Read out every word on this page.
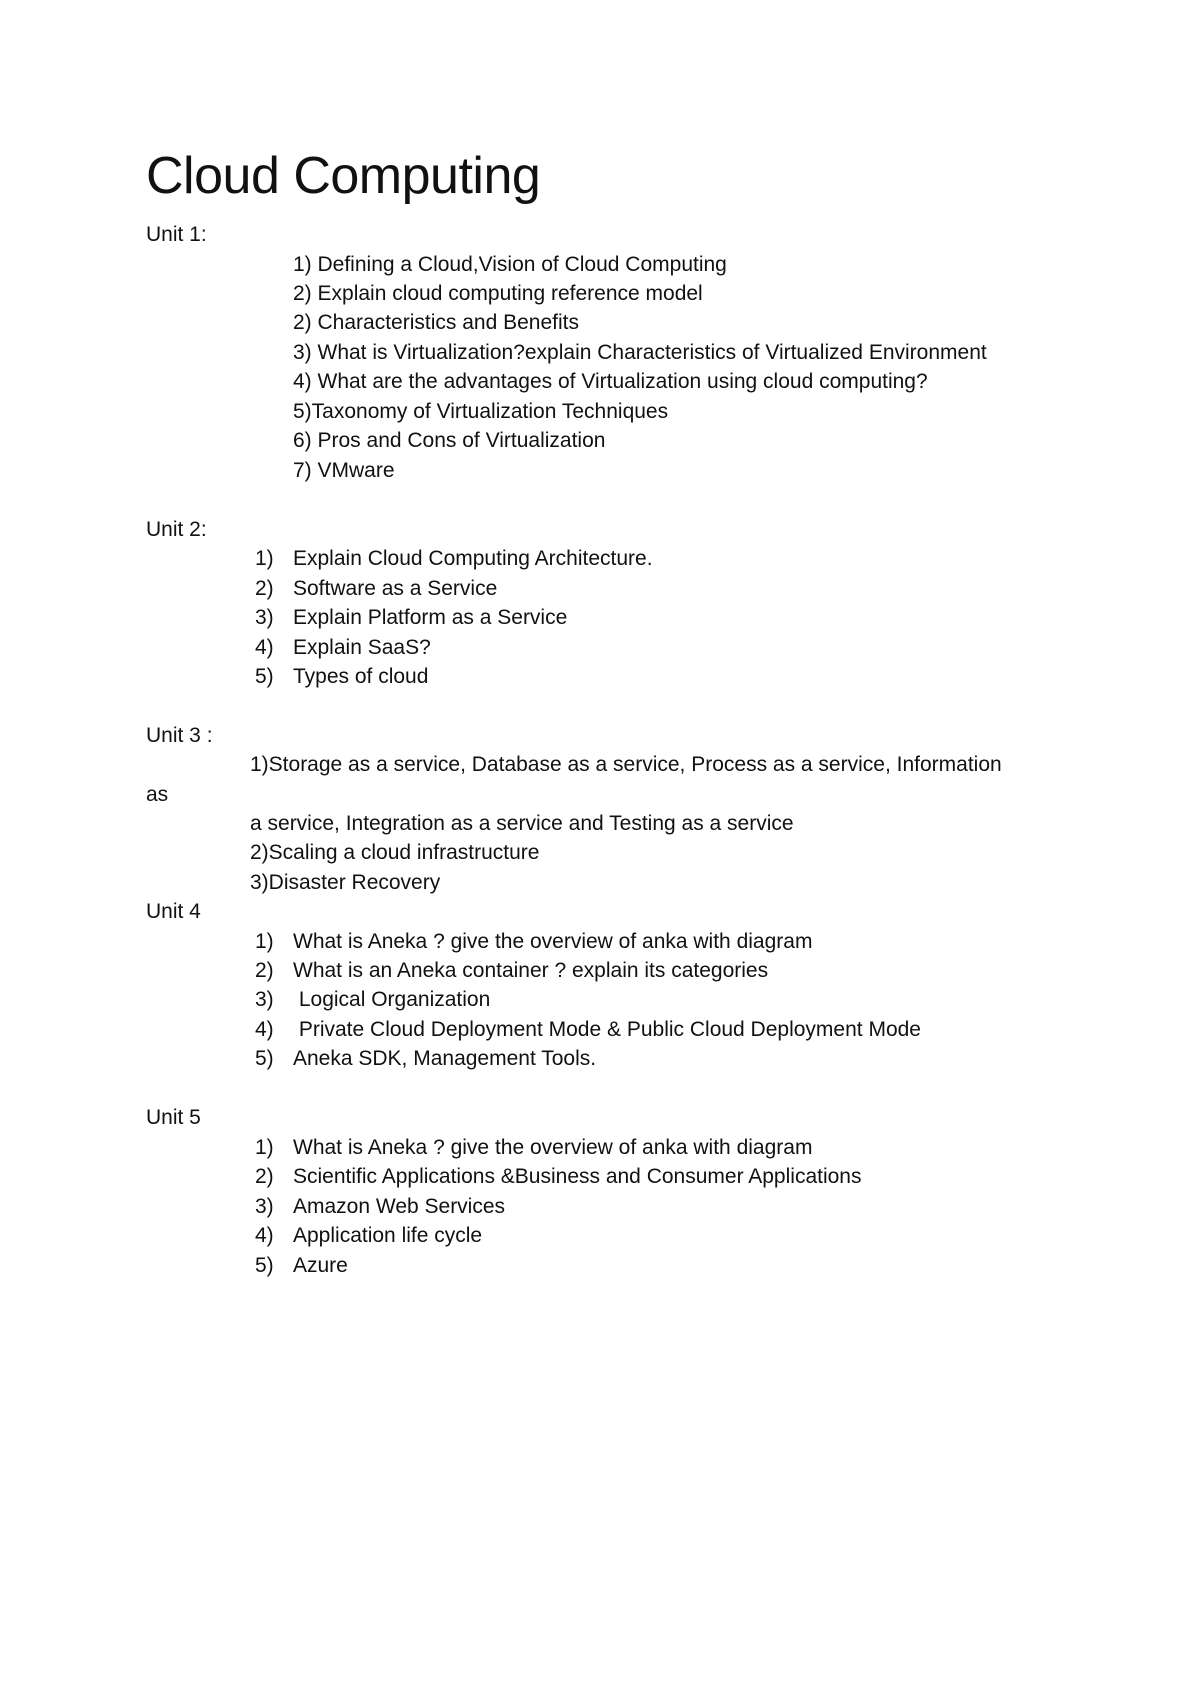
Cloud Computing

Unit 1:

1) Defining a Cloud,Vision of Cloud Computing

2) Explain cloud computing reference model

2) Characteristics and Benefits

3) What is Virtualization?explain Characteristics of Virtualized Environment

4) What are the advantages of Virtualization using cloud computing?

5)Taxonomy of Virtualization Techniques

6) Pros and Cons of Virtualization

7) VMware

Unit 2:

1) Explain Cloud Computing Architecture.

2) Software as a Service

3) Explain Platform as a Service

4) Explain SaaS?

5) Types of cloud

Unit 3 :

1)Storage as a service, Database as a service, Process as a service, Information

as

a service, Integration as a service and Testing as a service

2)Scaling a cloud infrastructure

3)Disaster Recovery

Unit 4

1) What is Aneka ? give the overview of anka with diagram

2) What is an Aneka container ? explain its categories

3) Logical Organization

4) Private Cloud Deployment Mode & Public Cloud Deployment Mode

5) Aneka SDK, Management Tools.

Unit 5

1) What is Aneka ? give the overview of anka with diagram

2) Scientific Applications &Business and Consumer Applications

3) Amazon Web Services

4) Application life cycle

5) Azure
